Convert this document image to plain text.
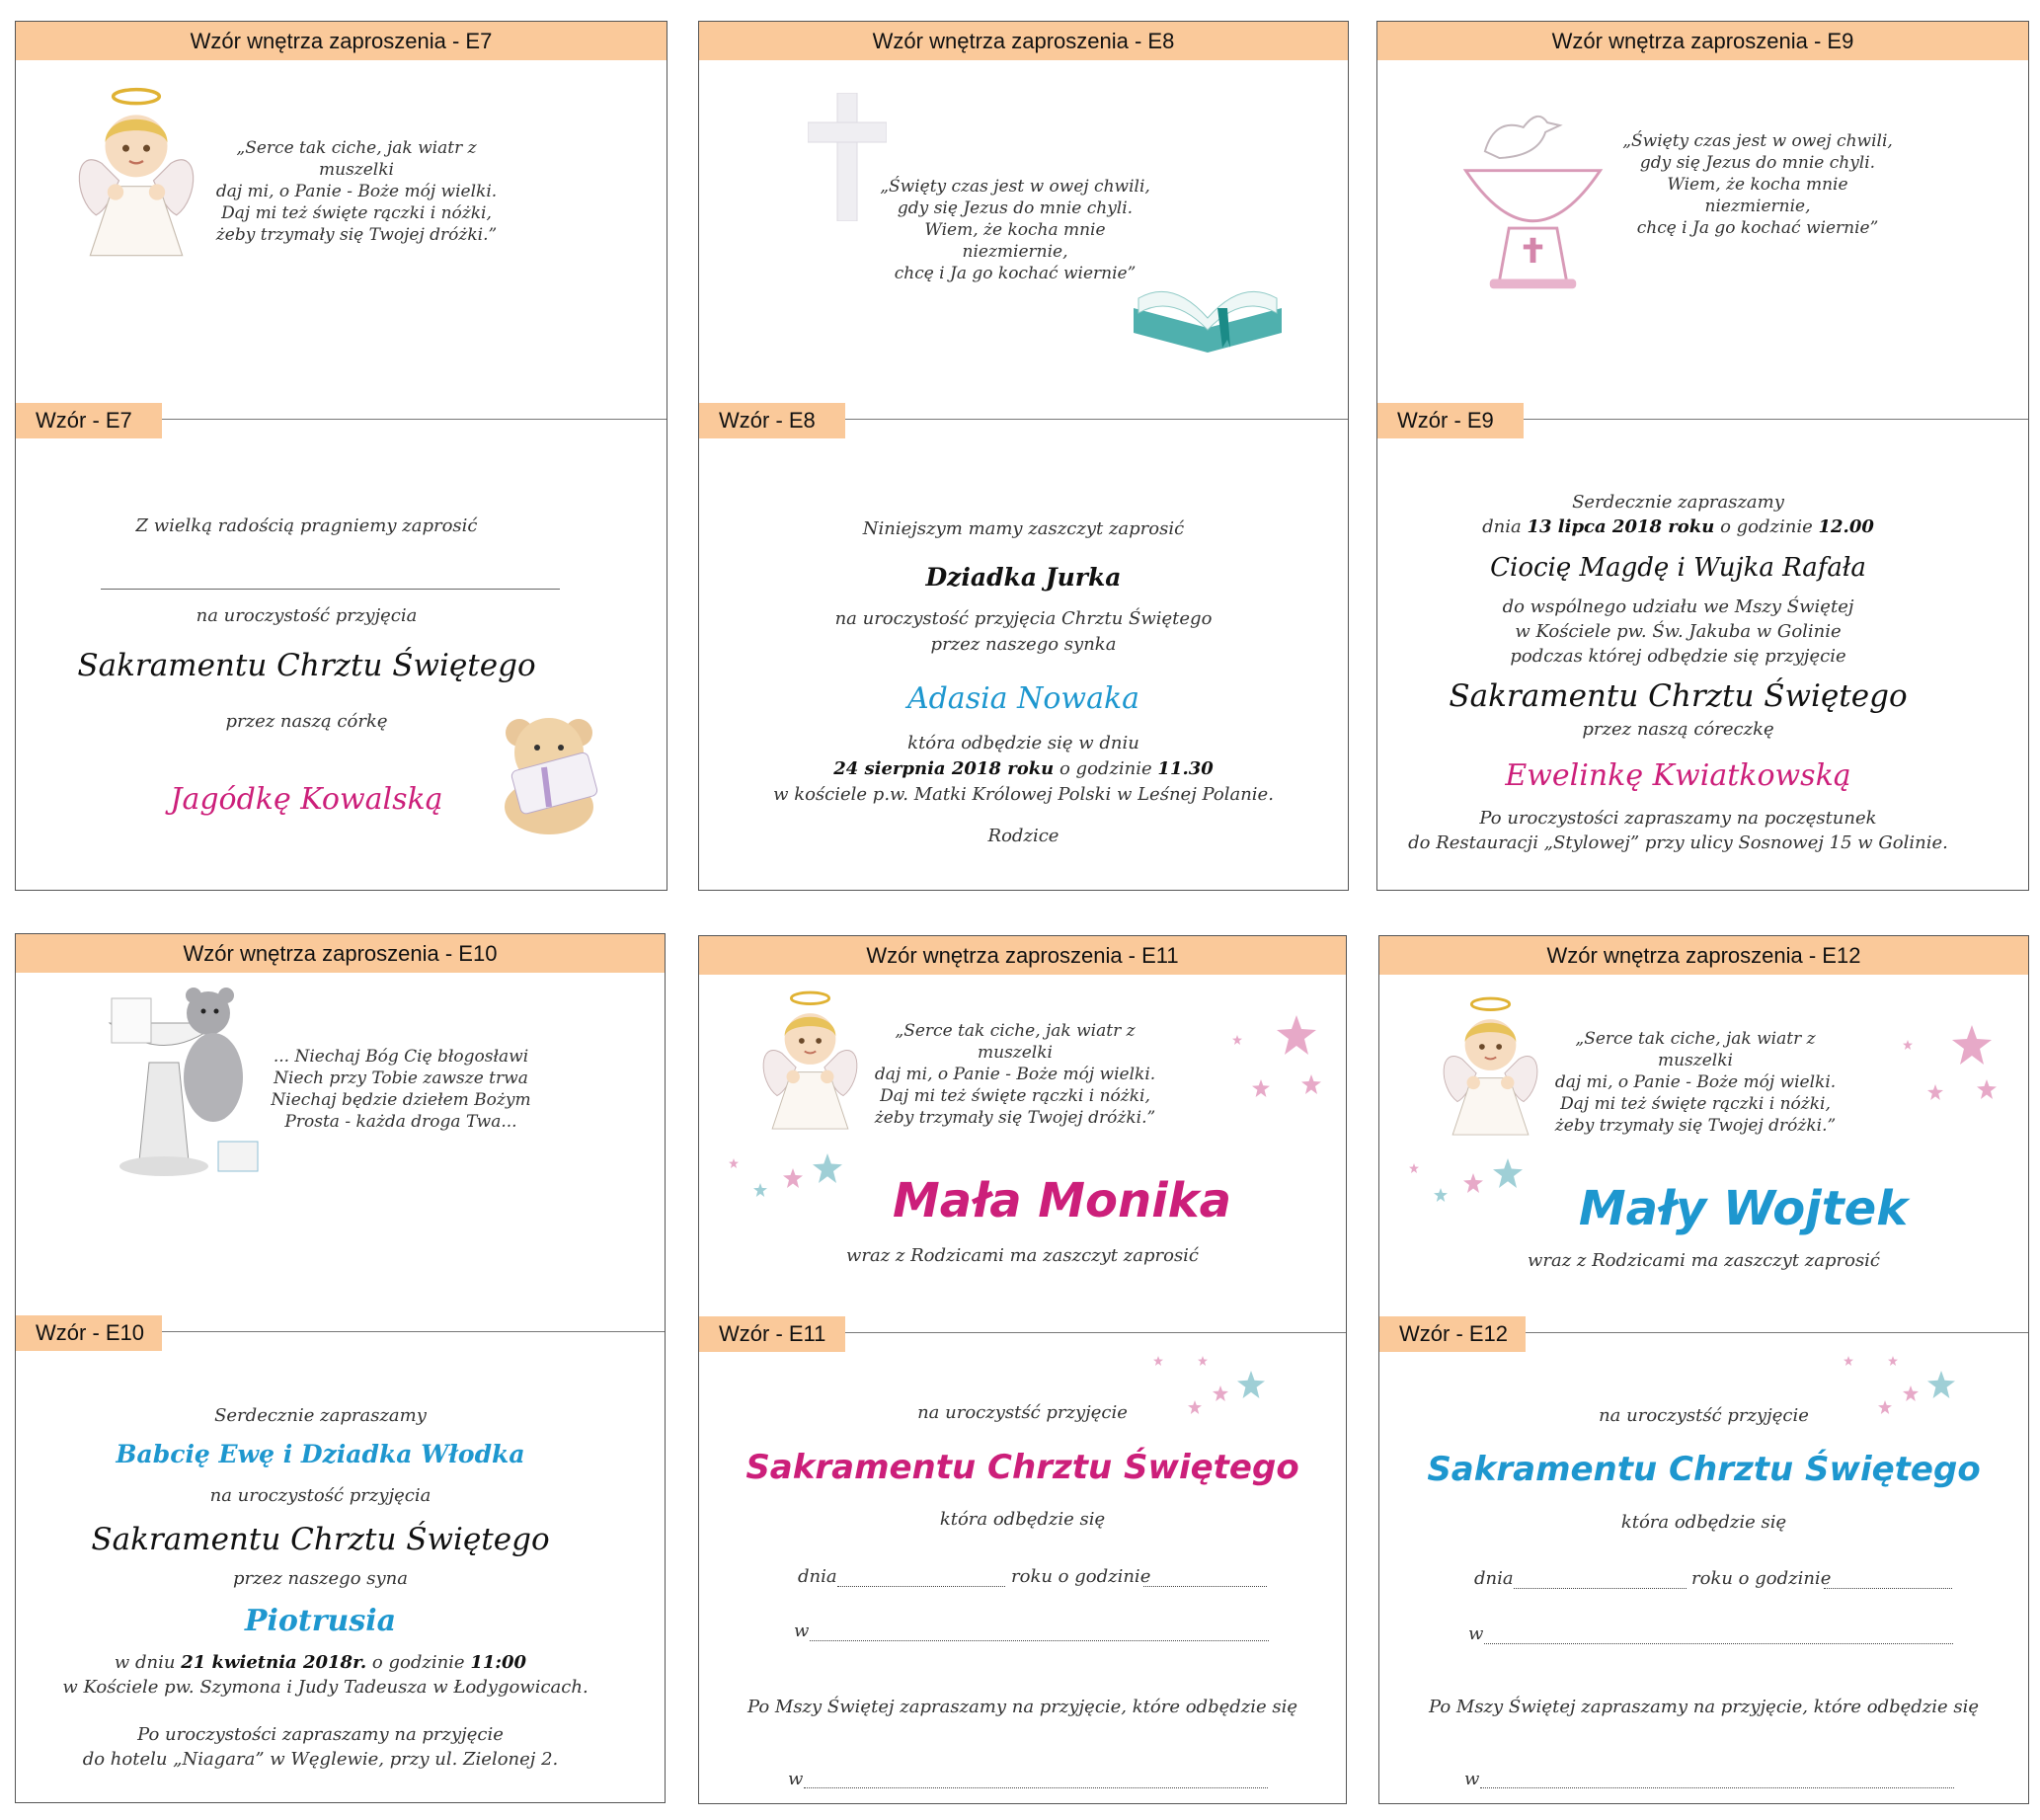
Wzór wnętrza zaproszenia - E7
„Serce tak ciche, jak wiatr z muszelki
daj mi, o Panie - Boże mój wielki.
Daj mi też święte rączki i nóżki,
żeby trzymały się Twojej dróżki.”
Wzór - E7
Z wielką radością pragniemy zaprosić
na uroczystość przyjęcia
Sakramentu Chrztu Świętego
przez naszą córkę
Jagódkę Kowalską
Wzór wnętrza zaproszenia - E8
„Święty czas jest w owej chwili,
gdy się Jezus do mnie chyli.
Wiem, że kocha mnie niezmiernie,
chcę i Ja go kochać wiernie”
Wzór - E8
Niniejszym mamy zaszczyt zaprosić
Dziadka Jurka
na uroczystość przyjęcia Chrztu Świętego
przez naszego synka
Adasia Nowaka
która odbędzie się w dniu
24 sierpnia 2018 roku o godzinie 11.30
w kościele p.w. Matki Królowej Polski w Leśnej Polanie.
Rodzice
Wzór wnętrza zaproszenia - E9
„Święty czas jest w owej chwili,
gdy się Jezus do mnie chyli.
Wiem, że kocha mnie niezmiernie,
chcę i Ja go kochać wiernie”
Wzór - E9
Serdecznie zapraszamy
dnia 13 lipca 2018 roku o godzinie 12.00
Ciocię Magdę i Wujka Rafała
do wspólnego udziału we Mszy Świętej
w Kościele pw. Św. Jakuba w Golinie
podczas której odbędzie się przyjęcie
Sakramentu Chrztu Świętego
przez naszą córeczkę
Ewelinkę Kwiatkowską
Po uroczystości zapraszamy na poczęstunek
do Restauracji „Stylowej” przy ulicy Sosnowej 15 w Golinie.
Wzór wnętrza zaproszenia - E10
... Niechaj Bóg Cię błogosławi
Niech przy Tobie zawsze trwa
Niechaj będzie dziełem Bożym
Prosta - każda droga Twa...
Wzór - E10
Serdecznie zapraszamy
Babcię Ewę i Dziadka Włodka
na uroczystość przyjęcia
Sakramentu Chrztu Świętego
przez naszego syna
Piotrusia
w dniu 21 kwietnia 2018r. o godzinie 11:00
w Kościele pw. Szymona i Judy Tadeusza w Łodygowicach.
Po uroczystości zapraszamy na przyjęcie
do hotelu „Niagara” w Węglewie, przy ul. Zielonej 2.
Wzór wnętrza zaproszenia - E11
„Serce tak ciche, jak wiatr z muszelki
daj mi, o Panie - Boże mój wielki.
Daj mi też święte rączki i nóżki,
żeby trzymały się Twojej dróżki.”
Mała Monika
wraz z Rodzicami ma zaszczyt zaprosić
Wzór - E11
na uroczystść przyjęcie
Sakramentu Chrztu Świętego
która odbędzie się
dnia	roku o godzinie
w
Po Mszy Świętej zapraszamy na przyjęcie, które odbędzie się
w
Wzór wnętrza zaproszenia - E12
„Serce tak ciche, jak wiatr z muszelki
daj mi, o Panie - Boże mój wielki.
Daj mi też święte rączki i nóżki,
żeby trzymały się Twojej dróżki.”
Mały Wojtek
wraz z Rodzicami ma zaszczyt zaprosić
Wzór - E12
na uroczystść przyjęcie
Sakramentu Chrztu Świętego
która odbędzie się
dnia	roku o godzinie
w
Po Mszy Świętej zapraszamy na przyjęcie, które odbędzie się
w
